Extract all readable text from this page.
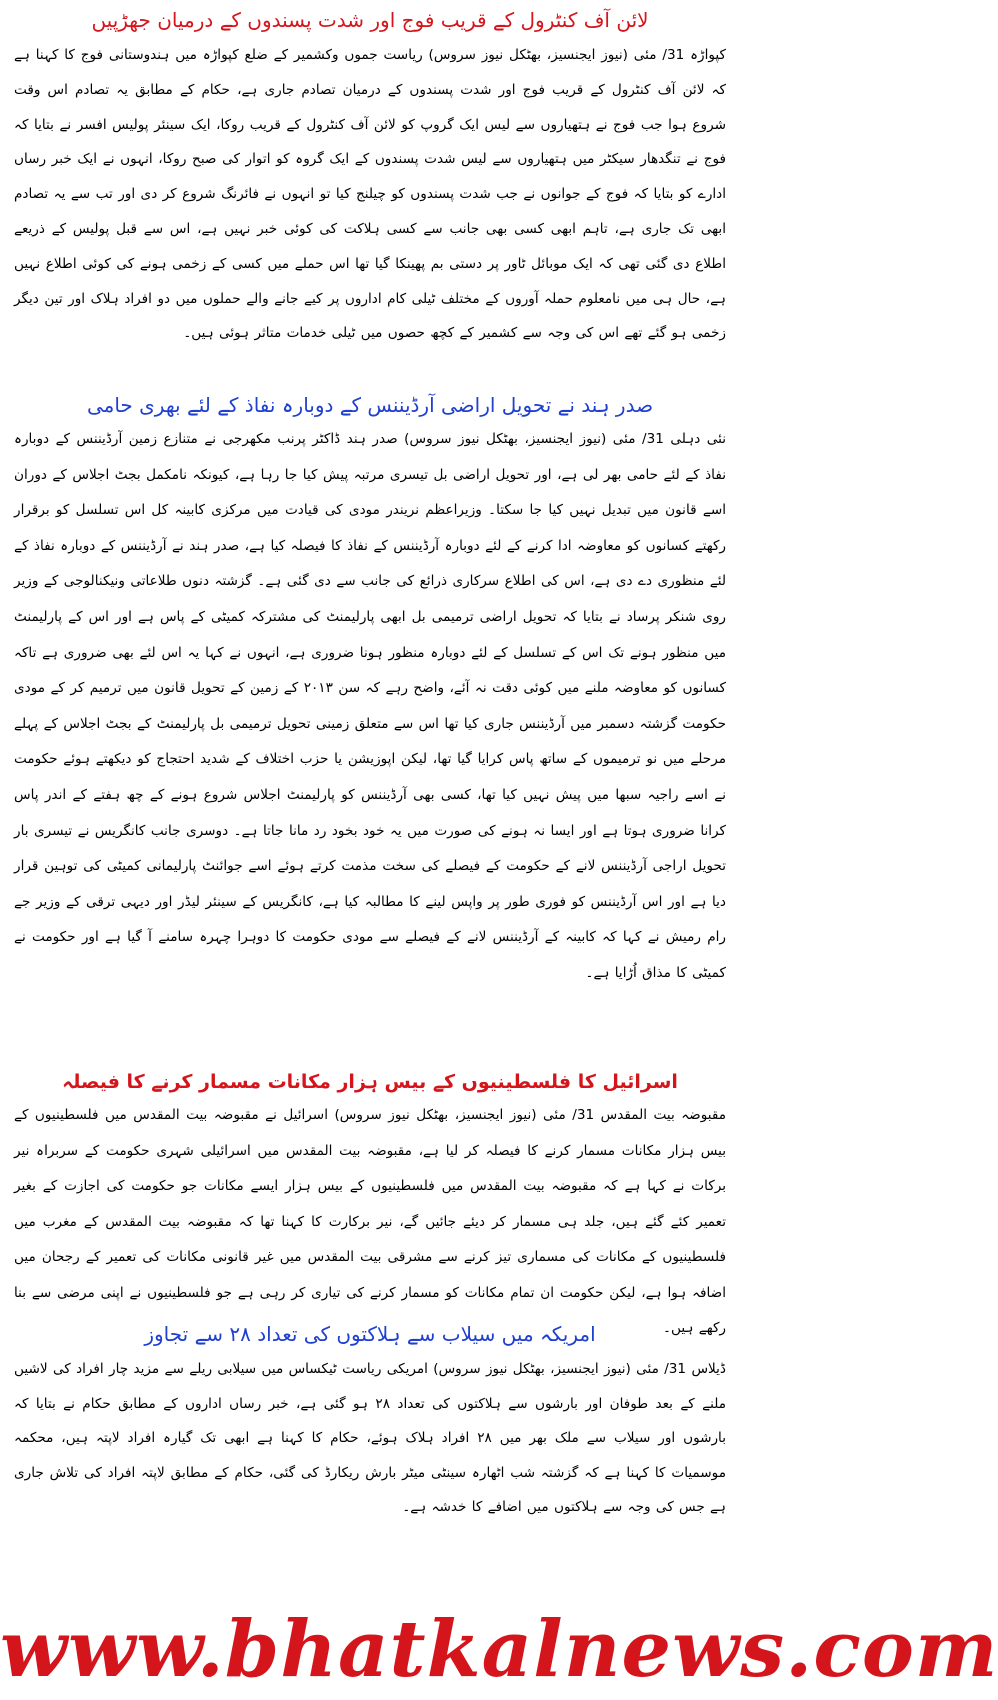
لائن آف کنٹرول کے قریب فوج اور شدت پسندوں کے درمیان جھڑپیں

کپواڑہ 31/ مئی (نیوز ایجنسیز، بھٹکل نیوز سروس) ریاست جموں وکشمیر کے ضلع کپواڑہ میں ہندوستانی فوج کا کہنا ہے کہ لائن آف کنٹرول کے قریب فوج اور شدت پسندوں کے درمیان تصادم جاری ہے، حکام کے مطابق یہ تصادم اس وقت شروع ہوا جب فوج نے ہتھیاروں سے لیس ایک گروپ کو لائن آف کنٹرول کے قریب روکا، ایک سینئر پولیس افسر نے بتایا کہ فوج نے تنگدھار سیکٹر میں ہتھیاروں سے لیس شدت پسندوں کے ایک گروہ کو اتوار کی صبح روکا، انہوں نے ایک خبر رساں ادارے کو بتایا کہ فوج کے جوانوں نے جب شدت پسندوں کو چیلنج کیا تو انہوں نے فائرنگ شروع کر دی اور تب سے یہ تصادم ابھی تک جاری ہے، تاہم ابھی کسی بھی جانب سے کسی ہلاکت کی کوئی خبر نہیں ہے، اس سے قبل پولیس کے ذریعے اطلاع دی گئی تھی کہ ایک موبائل ٹاور پر دستی بم پھینکا گیا تھا اس حملے میں کسی کے زخمی ہونے کی کوئی اطلاع نہیں ہے، حال ہی میں نامعلوم حملہ آوروں کے مختلف ٹیلی کام اداروں پر کیے جانے والے حملوں میں دو افراد ہلاک اور تین دیگر زخمی ہو گئے تھے اس کی وجہ سے کشمیر کے کچھ حصوں میں ٹیلی خدمات متاثر ہوئی ہیں۔

صدر ہند نے تحویل اراضی آرڈیننس کے دوبارہ نفاذ کے لئے بھری حامی

نئی دہلی 31/ مئی (نیوز ایجنسیز، بھٹکل نیوز سروس) صدر ہند ڈاکٹر پرنب مکھرجی نے متنازع زمین آرڈیننس کے دوبارہ نفاذ کے لئے حامی بھر لی ہے، اور تحویل اراضی بل تیسری مرتبہ پیش کیا جا رہا ہے، کیونکہ نامکمل بجٹ اجلاس کے دوران اسے قانون میں تبدیل نہیں کیا جا سکتا۔ وزیراعظم نریندر مودی کی قیادت میں مرکزی کابینہ کل اس تسلسل کو برقرار رکھتے کسانوں کو معاوضہ ادا کرنے کے لئے دوبارہ آرڈیننس کے نفاذ کا فیصلہ کیا ہے، صدر ہند نے آرڈیننس کے دوبارہ نفاذ کے لئے منظوری دے دی ہے، اس کی اطلاع سرکاری ذرائع کی جانب سے دی گئی ہے۔ گزشتہ دنوں طلاعاتی ونیکنالوجی کے وزیر روی شنکر پرساد نے بتایا کہ تحویل اراضی ترمیمی بل ابھی پارلیمنٹ کی مشترکہ کمیٹی کے پاس ہے اور اس کے پارلیمنٹ میں منظور ہونے تک اس کے تسلسل کے لئے دوبارہ منظور ہونا ضروری ہے، انہوں نے کہا یہ اس لئے بھی ضروری ہے تاکہ کسانوں کو معاوضہ ملنے میں کوئی دقت نہ آئے، واضح رہے کہ سن ۲۰۱۳ کے زمین کے تحویل قانون میں ترمیم کر کے مودی حکومت گزشتہ دسمبر میں آرڈیننس جاری کیا تھا اس سے متعلق زمینی تحویل ترمیمی بل پارلیمنٹ کے بجٹ اجلاس کے پہلے مرحلے میں نو ترمیموں کے ساتھ پاس کرایا گیا تھا، لیکن اپوزیشن یا حزب اختلاف کے شدید احتجاج کو دیکھتے ہوئے حکومت نے اسے راجیہ سبھا میں پیش نہیں کیا تھا، کسی بھی آرڈیننس کو پارلیمنٹ اجلاس شروع ہونے کے چھ ہفتے کے اندر پاس کرانا ضروری ہوتا ہے اور ایسا نہ ہونے کی صورت میں یہ خود بخود رد مانا جاتا ہے۔ دوسری جانب کانگریس نے تیسری بار تحویل اراجی آرڈیننس لانے کے حکومت کے فیصلے کی سخت مذمت کرتے ہوئے اسے جوائنٹ پارلیمانی کمیٹی کی توہین قرار دیا ہے اور اس آرڈیننس کو فوری طور پر واپس لینے کا مطالبہ کیا ہے، کانگریس کے سینئر لیڈر اور دیہی ترقی کے وزیر جے رام رمیش نے کہا کہ کابینہ کے آرڈیننس لانے کے فیصلے سے مودی حکومت کا دوہرا چہرہ سامنے آ گیا ہے اور حکومت نے کمیٹی کا مذاق اُڑایا ہے۔

اسرائیل کا فلسطینیوں کے بیس ہزار مکانات مسمار کرنے کا فیصلہ

مقبوضہ بیت المقدس 31/ مئی (نیوز ایجنسیز، بھٹکل نیوز سروس) اسرائیل نے مقبوضہ بیت المقدس میں فلسطینیوں کے بیس ہزار مکانات مسمار کرنے کا فیصلہ کر لیا ہے، مقبوضہ بیت المقدس میں اسرائیلی شہری حکومت کے سربراہ نیر برکات نے کہا ہے کہ مقبوضہ بیت المقدس میں فلسطینیوں کے بیس ہزار ایسے مکانات جو حکومت کی اجازت کے بغیر تعمیر کئے گئے ہیں، جلد ہی مسمار کر دیئے جائیں گے، نیر برکارت کا کہنا تھا کہ مقبوضہ بیت المقدس کے مغرب میں فلسطینیوں کے مکانات کی مسماری تیز کرنے سے مشرقی بیت المقدس میں غیر قانونی مکانات کی تعمیر کے رجحان میں اضافہ ہوا ہے، لیکن حکومت ان تمام مکانات کو مسمار کرنے کی تیاری کر رہی ہے جو فلسطینیوں نے اپنی مرضی سے بنا رکھے ہیں۔

امریکہ میں سیلاب سے ہلاکتوں کی تعداد ۲۸ سے تجاوز

ڈیلاس 31/ مئی (نیوز ایجنسیز، بھٹکل نیوز سروس) امریکی ریاست ٹیکساس میں سیلابی ریلے سے مزید چار افراد کی لاشیں ملنے کے بعد طوفان اور بارشوں سے ہلاکتوں کی تعداد ۲۸ ہو گئی ہے، خبر رساں اداروں کے مطابق حکام نے بتایا کہ بارشوں اور سیلاب سے ملک بھر میں ۲۸ افراد ہلاک ہوئے، حکام کا کہنا ہے ابھی تک گیارہ افراد لاپتہ ہیں، محکمہ موسمیات کا کہنا ہے کہ گزشتہ شب اٹھارہ سینٹی میٹر بارش ریکارڈ کی گئی، حکام کے مطابق لاپتہ افراد کی تلاش جاری ہے جس کی وجہ سے ہلاکتوں میں اضافے کا خدشہ ہے۔

www.bhatkalnews.com
